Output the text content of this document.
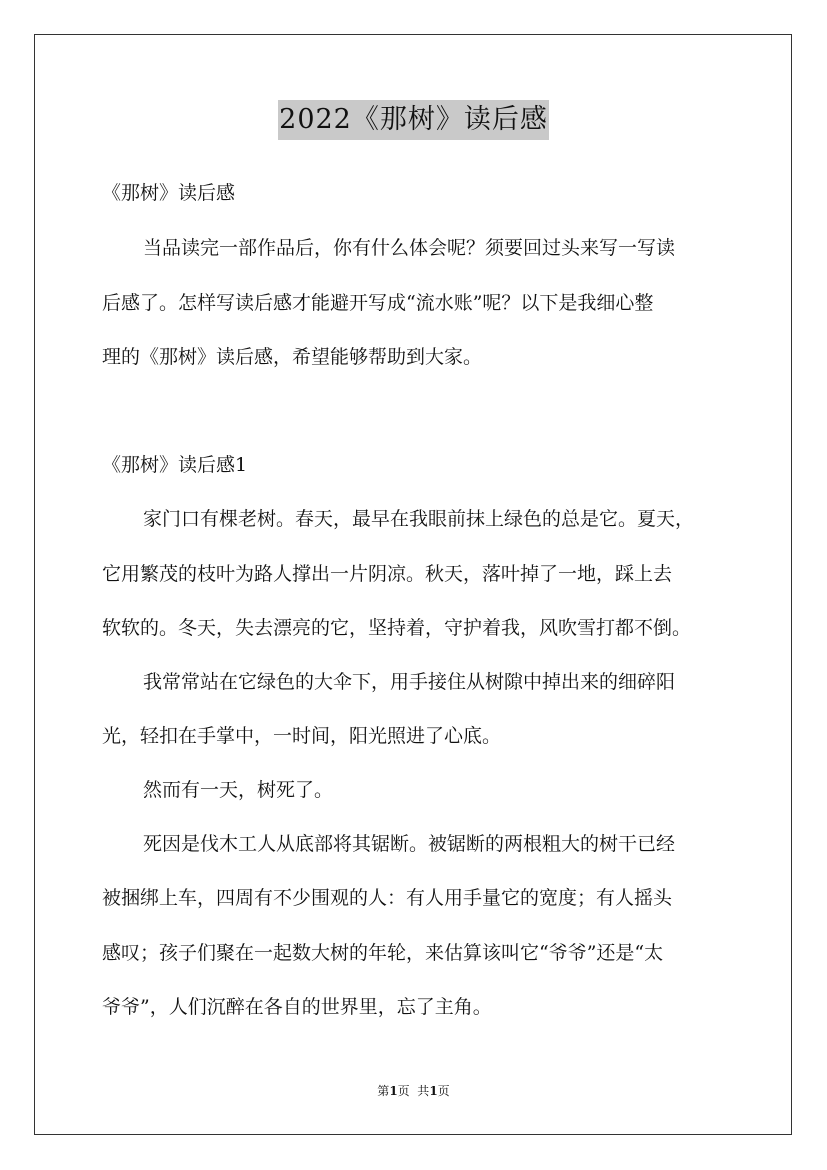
2022《那树》读后感
《那树》读后感
当品读完一部作品后，你有什么体会呢？须要回过头来写一写读
后感了。怎样写读后感才能避开写成“流水账”呢？以下是我细心整
理的《那树》读后感，希望能够帮助到大家。
《那树》读后感1
家门口有棵老树。春天，最早在我眼前抹上绿色的总是它。夏天，
它用繁茂的枝叶为路人撑出一片阴凉。秋天，落叶掉了一地，踩上去
软软的。冬天，失去漂亮的它，坚持着，守护着我，风吹雪打都不倒。
我常常站在它绿色的大伞下，用手接住从树隙中掉出来的细碎阳
光，轻扣在手掌中，一时间，阳光照进了心底。
然而有一天，树死了。
死因是伐木工人从底部将其锯断。被锯断的两根粗大的树干已经
被捆绑上车，四周有不少围观的人：有人用手量它的宽度；有人摇头
感叹；孩子们聚在一起数大树的年轮，来估算该叫它“爷爷”还是“太
爷爷”，人们沉醉在各自的世界里，忘了主角。
第1页  共1页
